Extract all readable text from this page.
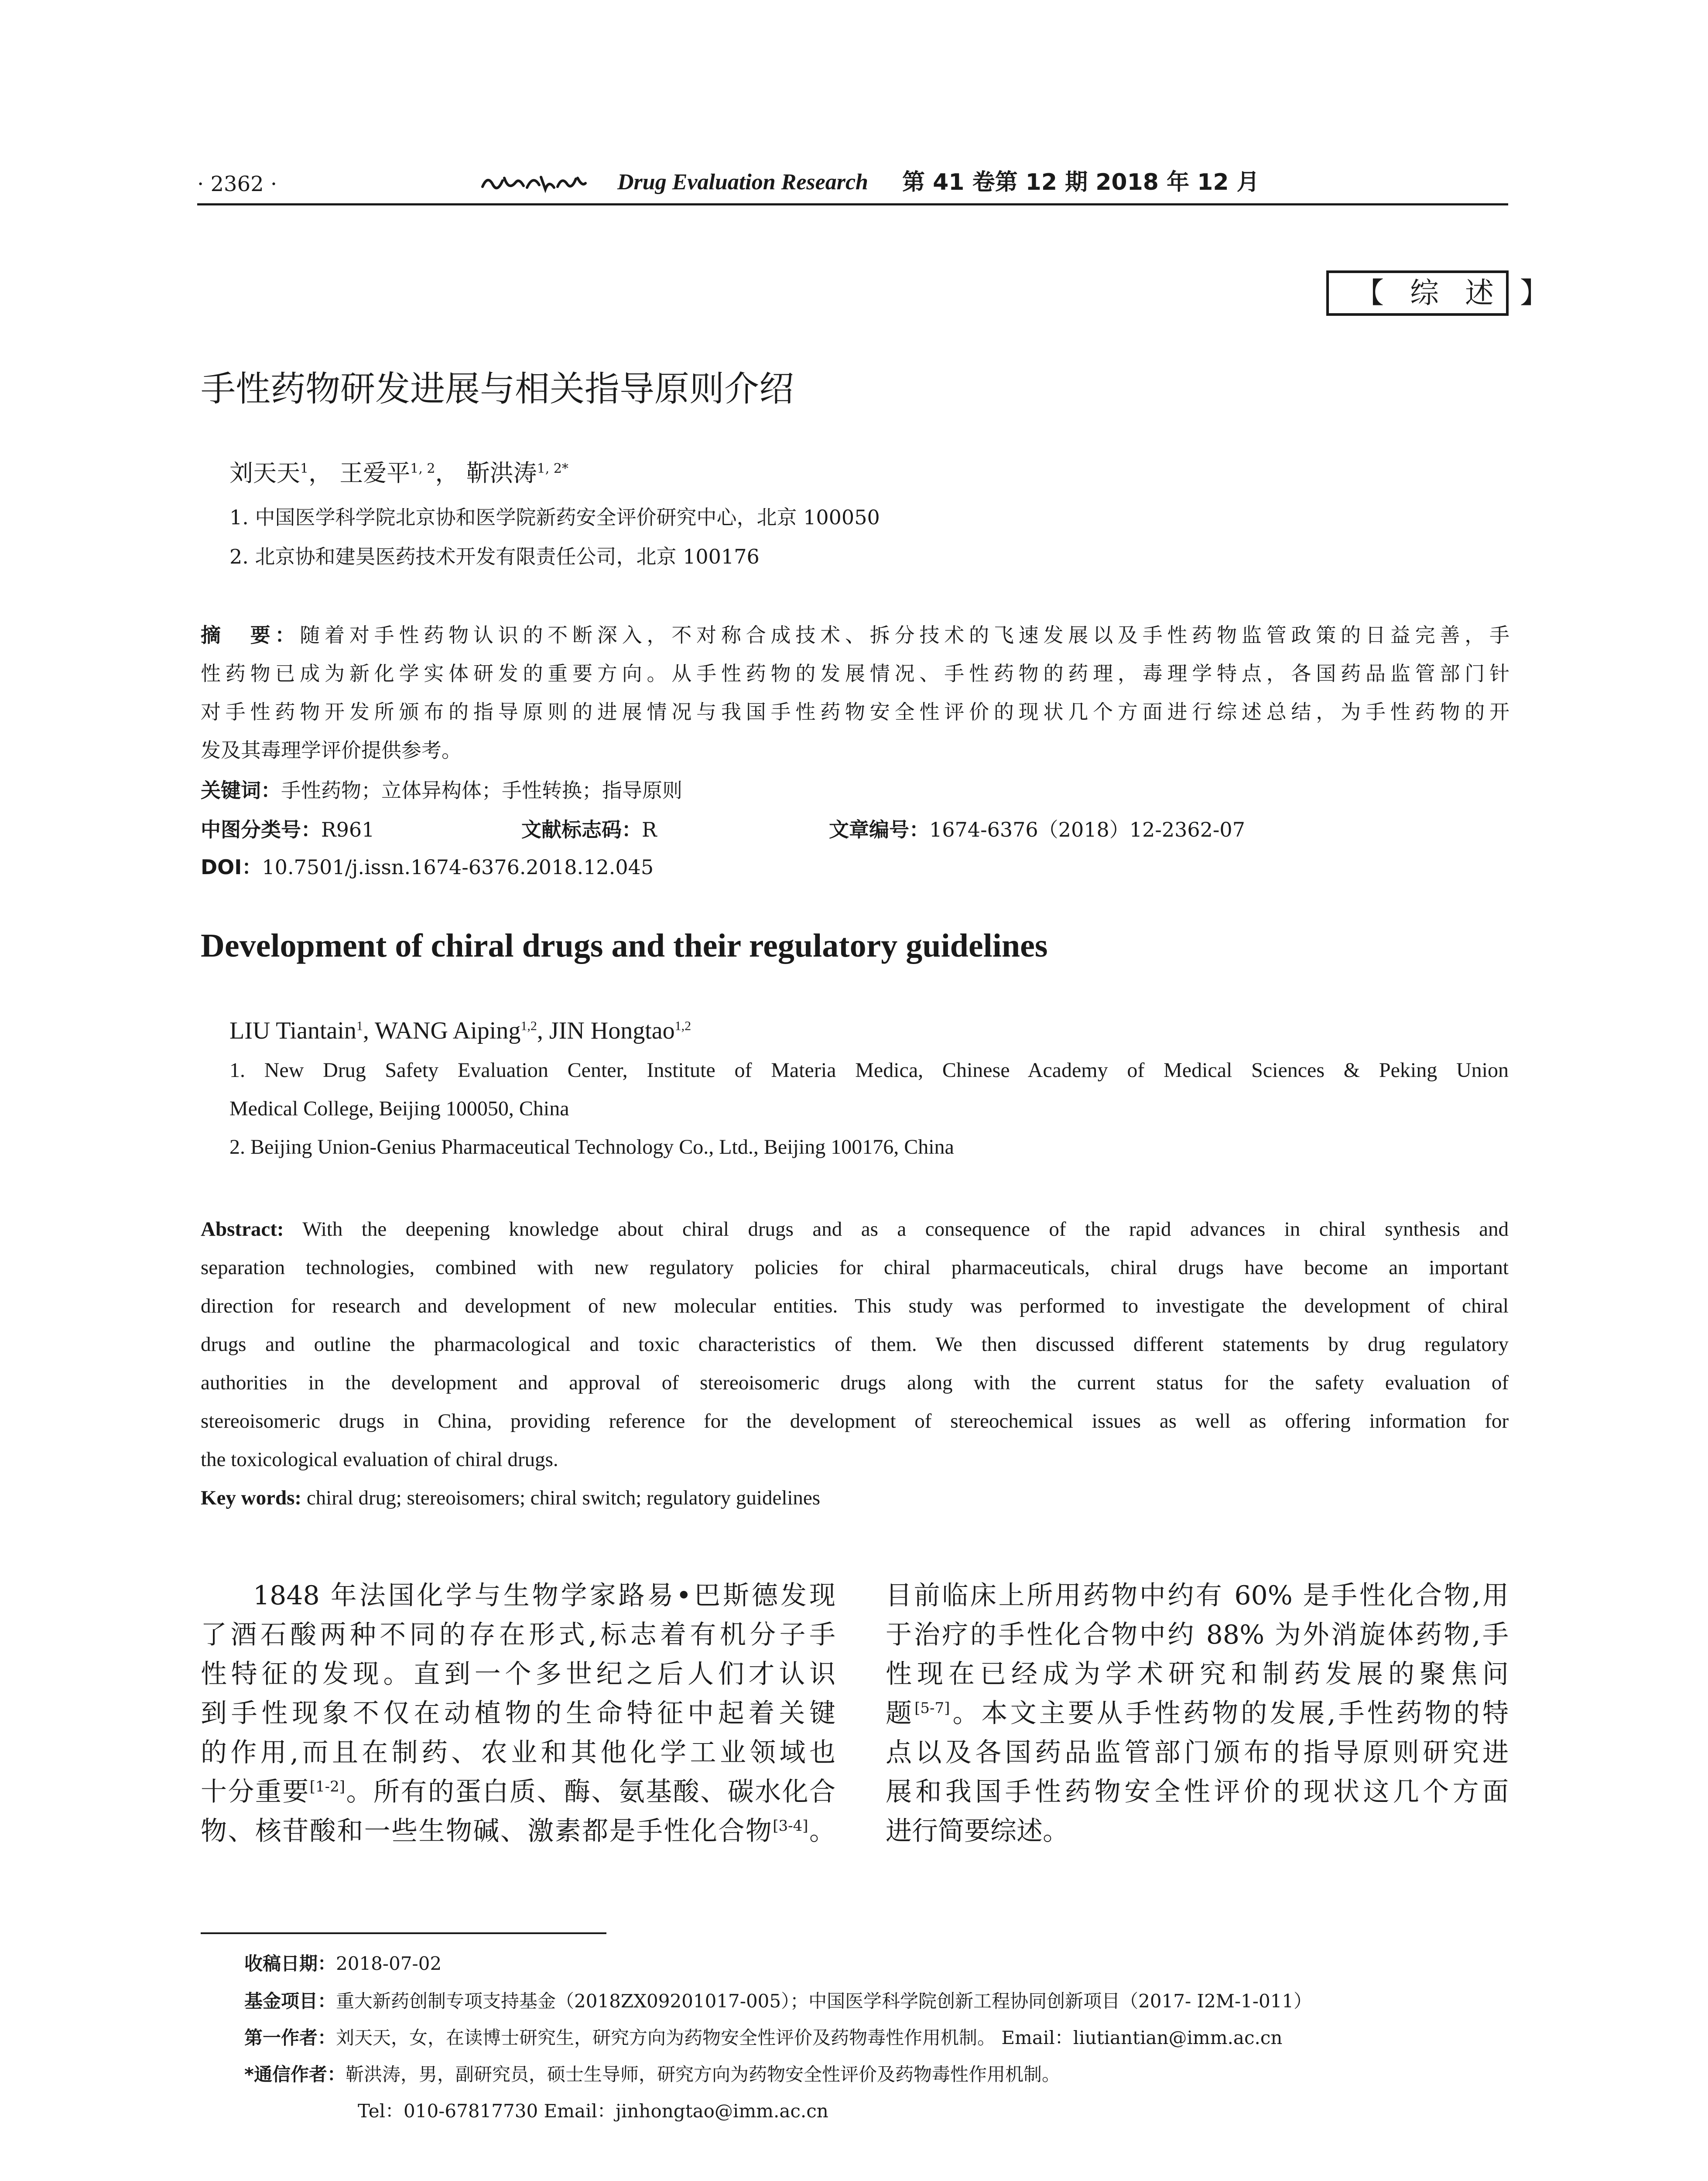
· 2362 ·	Drug Evaluation Research 第 41 卷第 12 期 2018 年 12 月
【综述】
手性药物研发进展与相关指导原则介绍
刘天天$^1$， 王爱平$^{1, 2}$， 靳洪涛$^{1, 2*}$
1. 中国医学科学院北京协和医学院新药安全评价研究中心，北京 100050
2. 北京协和建昊医药技术开发有限责任公司，北京 100176
摘　要：随着对手性药物认识的不断深入，不对称合成技术、拆分技术的飞速发展以及手性药物监管政策的日益完善，手
性药物已成为新化学实体研发的重要方向。从手性药物的发展情况、手性药物的药理，毒理学特点，各国药品监管部门针
对手性药物开发所颁布的指导原则的进展情况与我国手性药物安全性评价的现状几个方面进行综述总结，为手性药物的开
发及其毒理学评价提供参考。
关键词：手性药物；立体异构体；手性转换；指导原则
中图分类号：R961	文献标志码：R	文章编号：1674-6376（2018）12-2362-07
DOI：10.7501/j.issn.1674-6376.2018.12.045
Development of chiral drugs and their regulatory guidelines
LIU Tiantain$^1$, WANG Aiping$^{1,2}$, JIN Hongtao$^{1,2}$
1. New Drug Safety Evaluation Center, Institute of Materia Medica, Chinese Academy of Medical Sciences & Peking Union
Medical College, Beijing 100050, China
2. Beijing Union-Genius Pharmaceutical Technology Co., Ltd., Beijing 100176, China
Abstract: With the deepening knowledge about chiral drugs and as a consequence of the rapid advances in chiral synthesis and
separation technologies, combined with new regulatory policies for chiral pharmaceuticals, chiral drugs have become an important
direction for research and development of new molecular entities. This study was performed to investigate the development of chiral
drugs and outline the pharmacological and toxic characteristics of them. We then discussed different statements by drug regulatory
authorities in the development and approval of stereoisomeric drugs along with the current status for the safety evaluation of
stereoisomeric drugs in China, providing reference for the development of stereochemical issues as well as offering information for
the toxicological evaluation of chiral drugs.
Key words: chiral drug; stereoisomers; chiral switch; regulatory guidelines
1848 年法国化学与生物学家路易•巴斯德发现
了酒石酸两种不同的存在形式,标志着有机分子手
性特征的发现。直到一个多世纪之后人们才认识
到手性现象不仅在动植物的生命特征中起着关键
的作用,而且在制药、农业和其他化学工业领域也
十分重要[1-2]。所有的蛋白质、酶、氨基酸、碳水化合
物、核苷酸和一些生物碱、激素都是手性化合物[3-4]。
目前临床上所用药物中约有 60% 是手性化合物,用
于治疗的手性化合物中约 88% 为外消旋体药物,手
性现在已经成为学术研究和制药发展的聚焦问
题[5-7]。本文主要从手性药物的发展,手性药物的特
点以及各国药品监管部门颁布的指导原则研究进
展和我国手性药物安全性评价的现状这几个方面
进行简要综述。
收稿日期：2018-07-02
基金项目：重大新药创制专项支持基金（2018ZX09201017-005）；中国医学科学院创新工程协同创新项目（2017- I2M-1-011）
第一作者：刘天天，女，在读博士研究生，研究方向为药物安全性评价及药物毒性作用机制。 Email：liutiantian@imm.ac.cn
*通信作者：靳洪涛，男，副研究员，硕士生导师，研究方向为药物安全性评价及药物毒性作用机制。
Tel：010-67817730 Email：jinhongtao@imm.ac.cn
